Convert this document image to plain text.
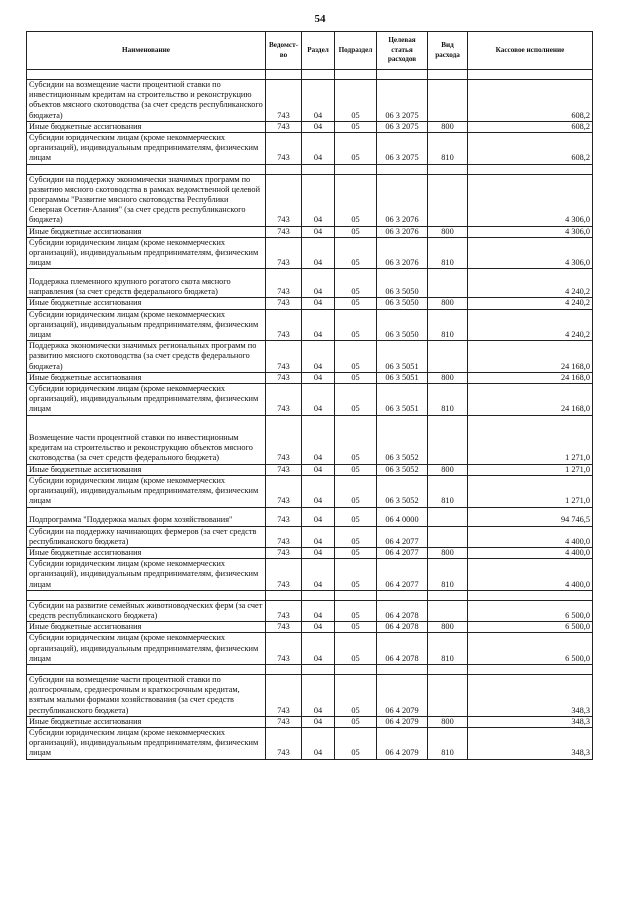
54
Наименование	Ведомст-во	Раздел	Подраздел	Целевая статья расходов	Вид расхода	Кассовое исполнение

Субсидии на возмещение части процентной ставки по инвестиционным кредитам на строительство и реконструкцию объектов мясного скотоводства (за счет средств республиканского бюджета)	743	04	05	06 3 2075		608,2
Иные бюджетные ассигнования	743	04	05	06 3 2075	800	608,2
Субсидии юридическим лицам (кроме некоммерческих организаций), индивидуальным предпринимателям, физическим лицам	743	04	05	06 3 2075	810	608,2

Субсидии на поддержку экономически значимых программ по развитию мясного скотоводства в рамках ведомственной целевой программы "Развитие мясного скотоводства Республики Северная Осетия-Алания" (за счет средств республиканского бюджета)	743	04	05	06 3 2076		4 306,0
Иные бюджетные ассигнования	743	04	05	06 3 2076	800	4 306,0
Субсидии юридическим лицам (кроме некоммерческих организаций), индивидуальным предпринимателям, физическим лицам	743	04	05	06 3 2076	810	4 306,0
Поддержка племенного крупного рогатого скота мясного направления (за счет средств федерального бюджета)	743	04	05	06 3 5050		4 240,2
Иные бюджетные ассигнования	743	04	05	06 3 5050	800	4 240,2
Субсидии юридическим лицам (кроме некоммерческих организаций), индивидуальным предпринимателям, физическим лицам	743	04	05	06 3 5050	810	4 240,2
Поддержка экономически значимых региональных программ по развитию мясного скотоводства (за счет средств федерального бюджета)	743	04	05	06 3 5051		24 168,0
Иные бюджетные ассигнования	743	04	05	06 3 5051	800	24 168,0
Субсидии юридическим лицам (кроме некоммерческих организаций), индивидуальным предпринимателям, физическим лицам	743	04	05	06 3 5051	810	24 168,0
Возмещение части процентной ставки по инвестиционным кредитам на строительство и реконструкцию объектов мясного скотоводства (за счет средств федерального бюджета)	743	04	05	06 3 5052		1 271,0
Иные бюджетные ассигнования	743	04	05	06 3 5052	800	1 271,0
Субсидии юридическим лицам (кроме некоммерческих организаций), индивидуальным предпринимателям, физическим лицам	743	04	05	06 3 5052	810	1 271,0
Подпрограмма "Поддержка малых форм хозяйствования"	743	04	05	06 4 0000		94 746,5
Субсидии на поддержку начинающих фермеров (за счет средств республиканского бюджета)	743	04	05	06 4 2077		4 400,0
Иные бюджетные ассигнования	743	04	05	06 4 2077	800	4 400,0
Субсидии юридическим лицам (кроме некоммерческих организаций), индивидуальным предпринимателям, физическим лицам	743	04	05	06 4 2077	810	4 400,0

Субсидии на развитие семейных животноводческих ферм (за счет средств республиканского бюджета)	743	04	05	06 4 2078		6 500,0
Иные бюджетные ассигнования	743	04	05	06 4 2078	800	6 500,0
Субсидии юридическим лицам (кроме некоммерческих организаций), индивидуальным предпринимателям, физическим лицам	743	04	05	06 4 2078	810	6 500,0

Субсидии на возмещение части процентной ставки по долгосрочным, среднесрочным и краткосрочным кредитам, взятым малыми формами хозяйствования (за счет средств республиканского бюджета)	743	04	05	06 4 2079		348,3
Иные бюджетные ассигнования	743	04	05	06 4 2079	800	348,3
Субсидии юридическим лицам (кроме некоммерческих организаций), индивидуальным предпринимателям, физическим лицам	743	04	05	06 4 2079	810	348,3
